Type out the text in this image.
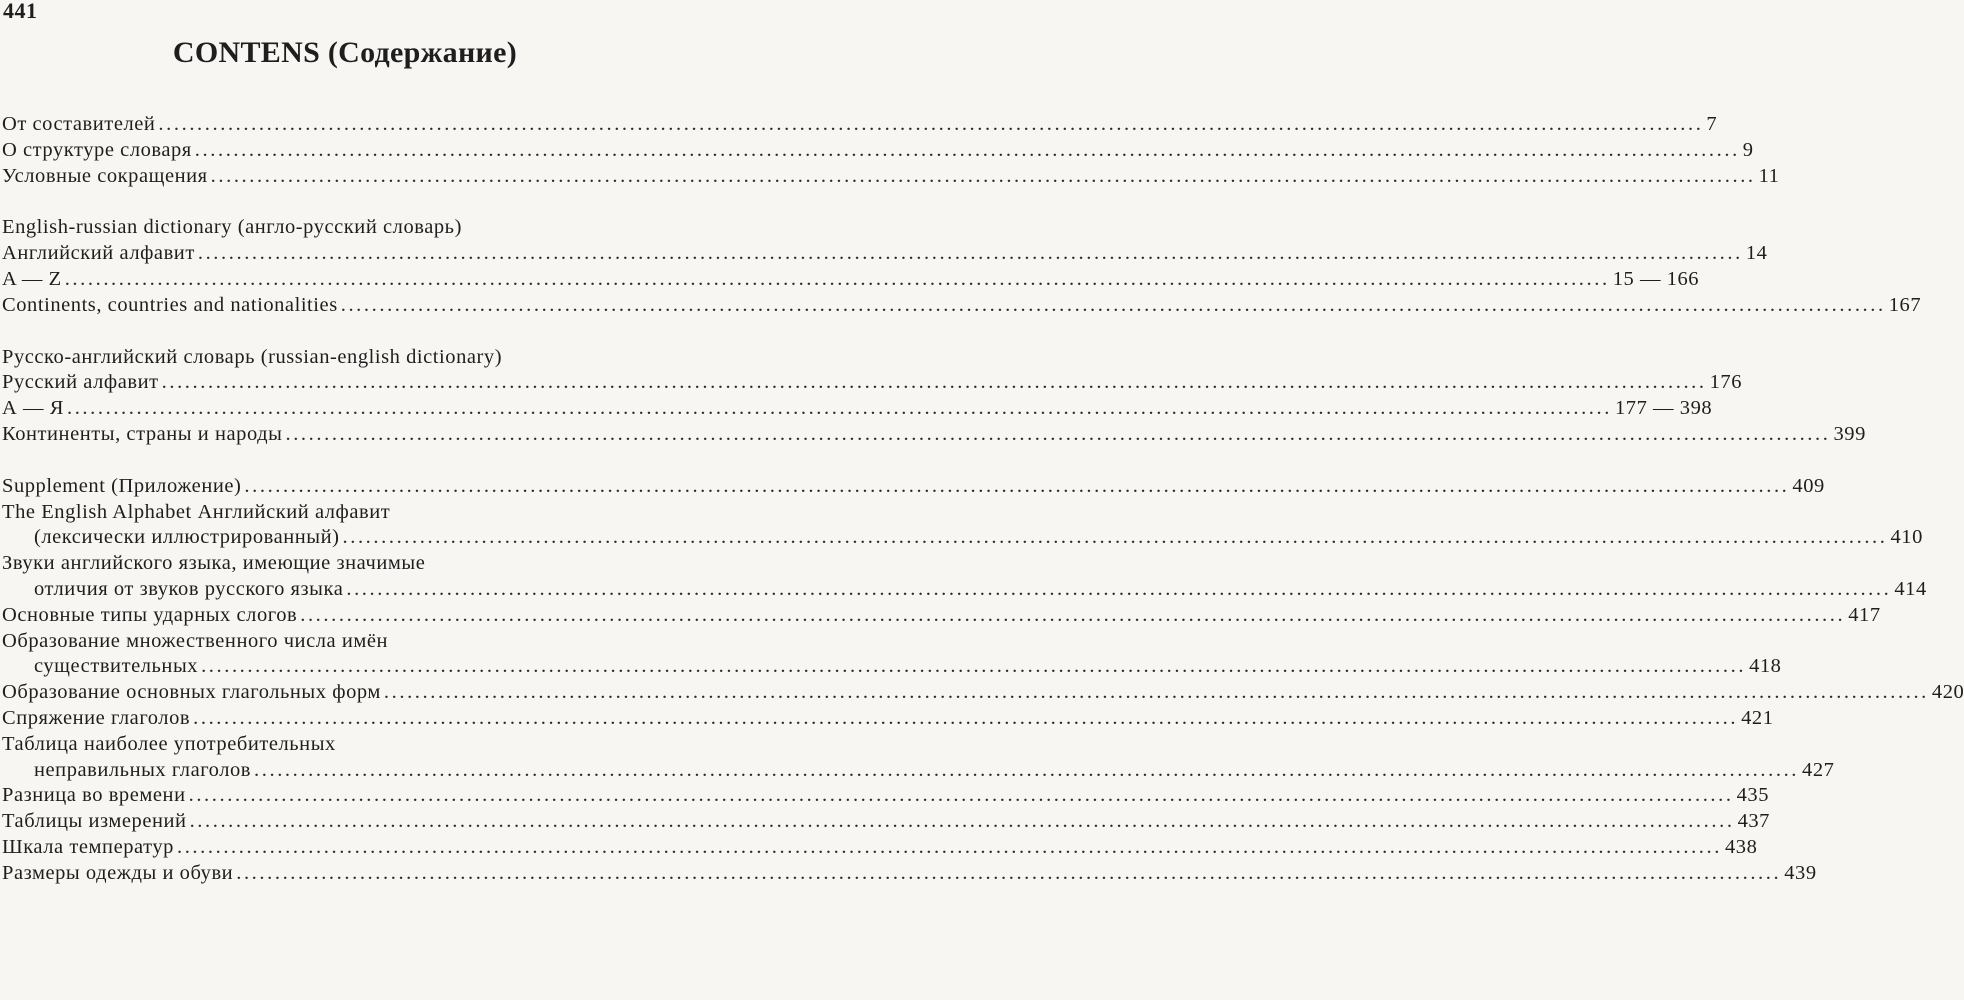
441
CONTENS (Содержание)
От составителей ........................................................................................................................................................................................................ 7
О структуре словаря ........................................................................................................................................................................................................ 9
Условные сокращения ........................................................................................................................................................................................................ 11
English-russian dictionary (англо-русский словарь)
Английский алфавит ........................................................................................................................................................................................................ 14
A — Z ........................................................................................................................................................................................................ 15 — 166
Continents, countries and nationalities ........................................................................................................................................................................................................ 167
Русско-английский словарь (russian-english dictionary)
Русский алфавит ........................................................................................................................................................................................................ 176
А — Я ........................................................................................................................................................................................................ 177 — 398
Континенты, страны и народы ........................................................................................................................................................................................................ 399
Supplement (Приложение) ........................................................................................................................................................................................................ 409
The English Alphabet Английский алфавит
(лексически иллюстрированный) ........................................................................................................................................................................................................ 410
Звуки английского языка, имеющие значимые
отличия от звуков русского языка ........................................................................................................................................................................................................ 414
Основные типы ударных слогов ........................................................................................................................................................................................................ 417
Образование множественного числа имён
существительных ........................................................................................................................................................................................................ 418
Образование основных глагольных форм ........................................................................................................................................................................................................ 420
Спряжение глаголов ........................................................................................................................................................................................................ 421
Таблица наиболее употребительных
неправильных глаголов ........................................................................................................................................................................................................ 427
Разница во времени ........................................................................................................................................................................................................ 435
Таблицы измерений ........................................................................................................................................................................................................ 437
Шкала температур ........................................................................................................................................................................................................ 438
Размеры одежды и обуви ........................................................................................................................................................................................................ 439
